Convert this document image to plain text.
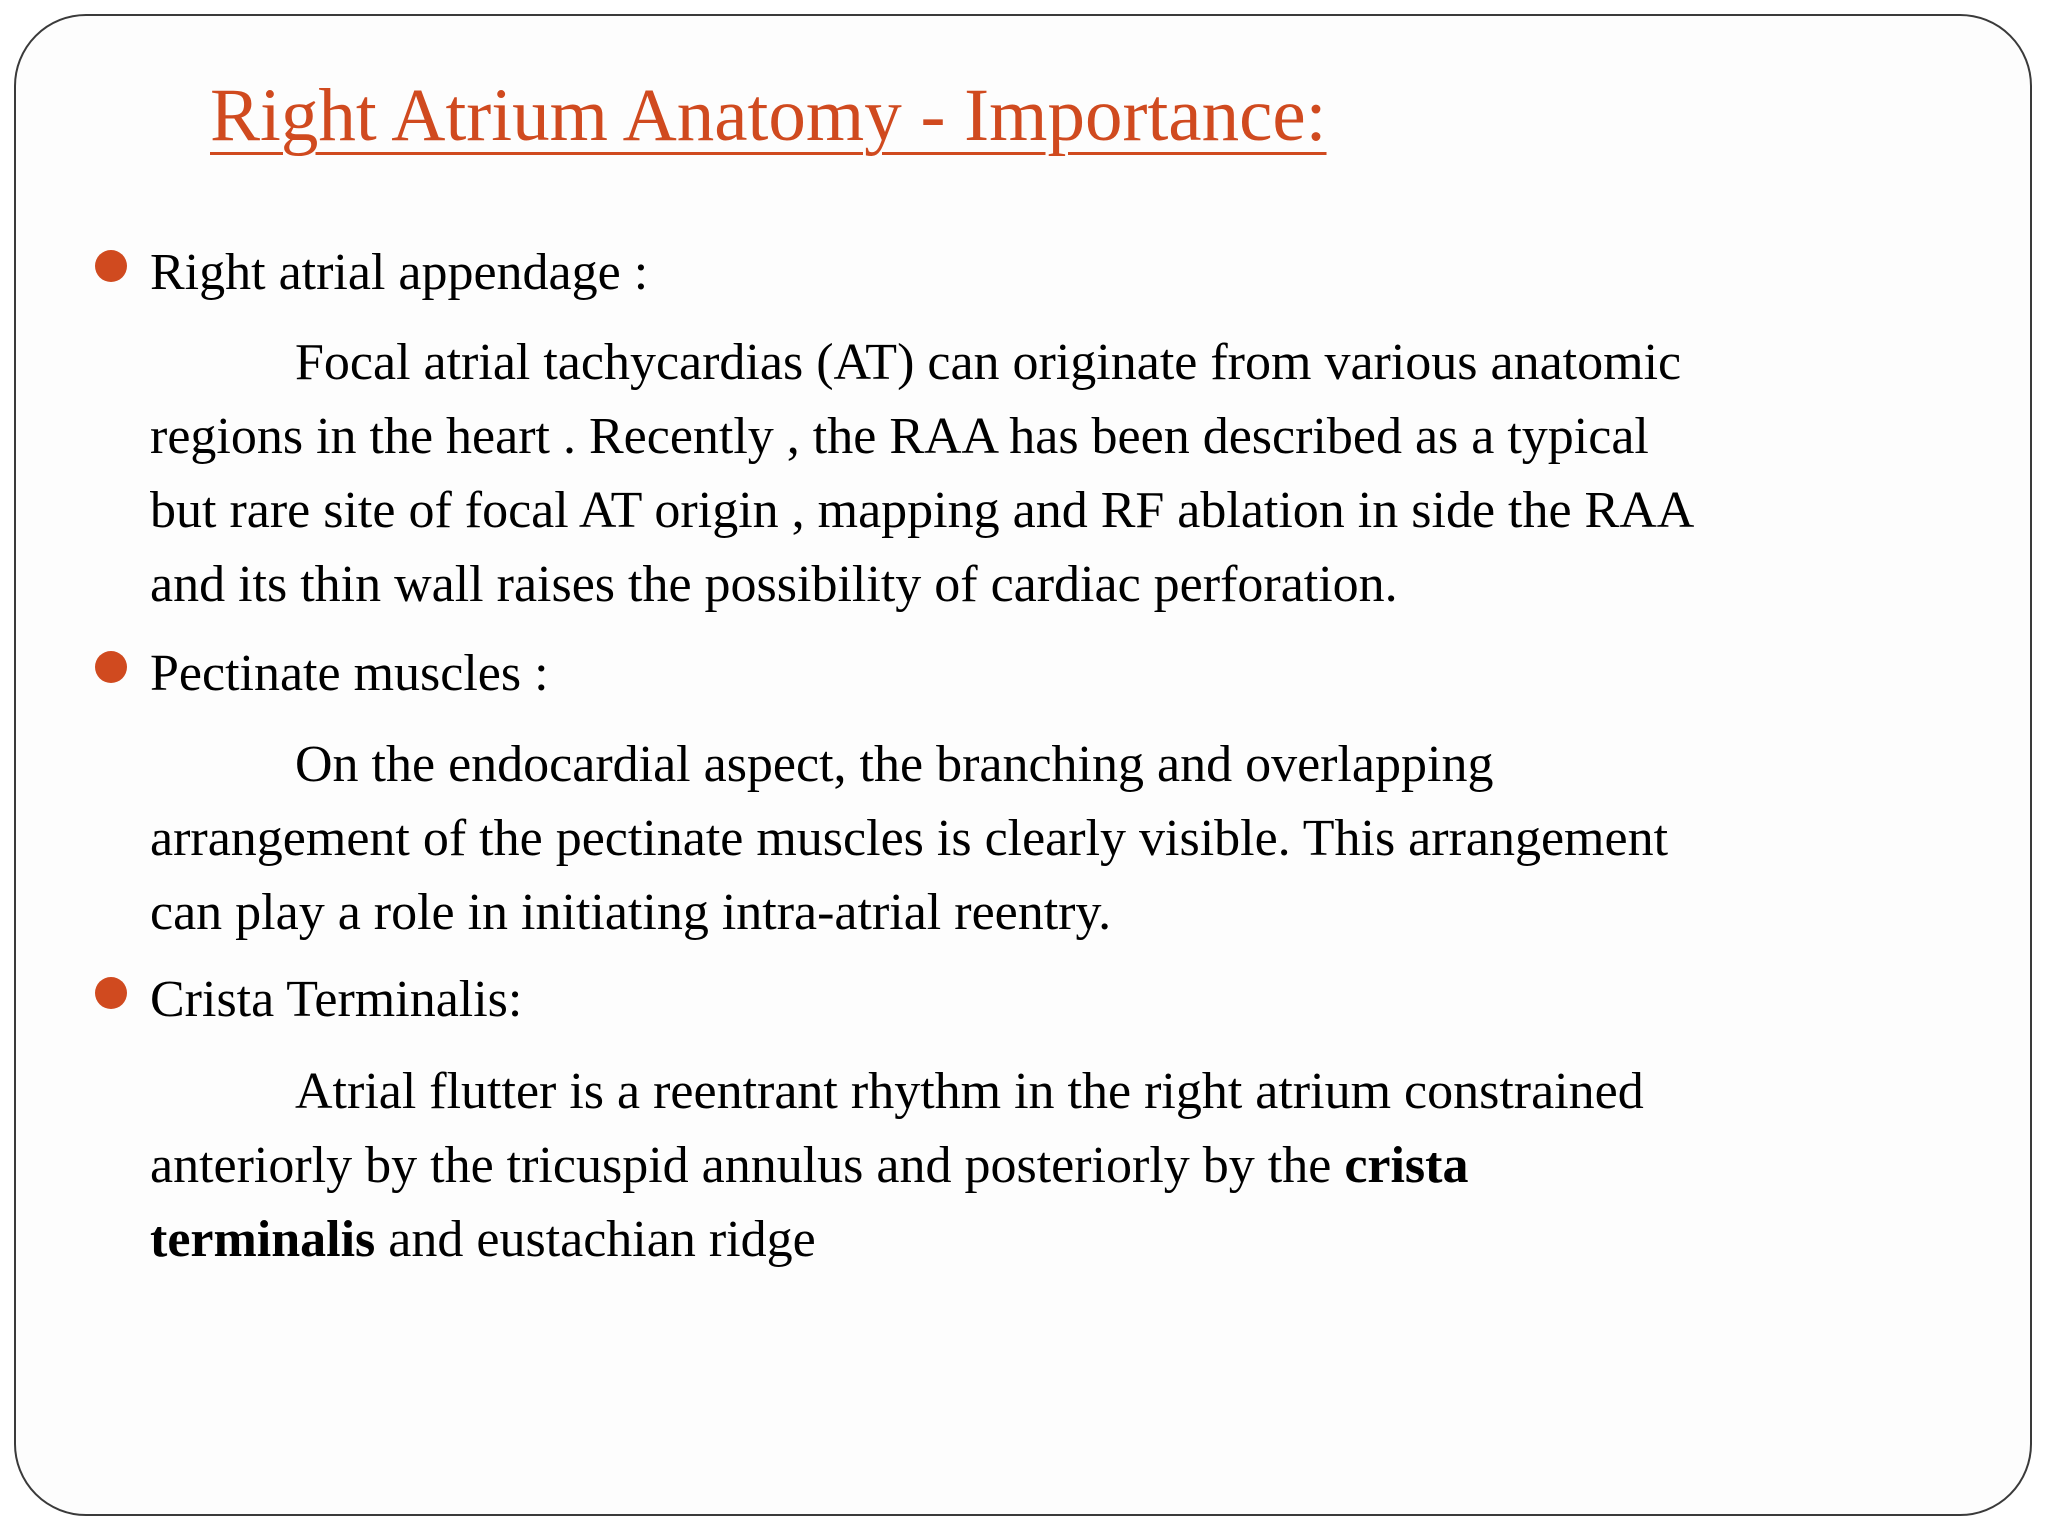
Right Atrium Anatomy - Importance:
Right atrial appendage :
Focal atrial tachycardias (AT) can originate from various anatomic
regions in the heart . Recently , the RAA has been described as a typical
but rare site of focal AT origin , mapping and RF ablation in side the RAA
and its thin wall raises the possibility of cardiac perforation.
Pectinate muscles :
On the endocardial aspect, the branching and overlapping
arrangement of the pectinate muscles is clearly visible. This arrangement
can play a role in initiating intra-atrial reentry.
Crista Terminalis:
Atrial flutter is a reentrant rhythm in the right atrium constrained
anteriorly by the tricuspid annulus and posteriorly by the crista
terminalis and eustachian ridge
